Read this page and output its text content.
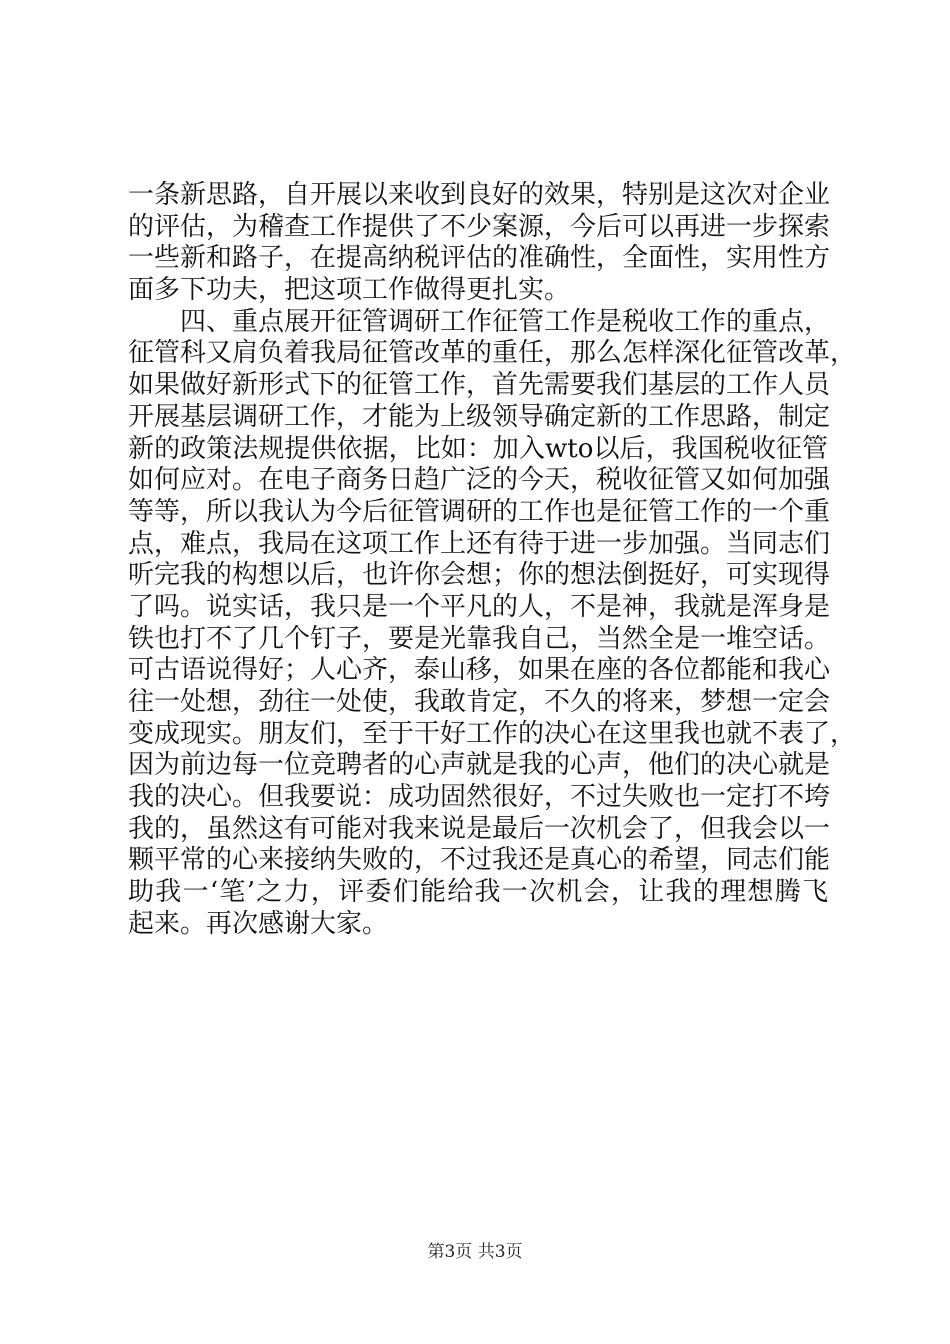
一条新思路，自开展以来收到良好的效果，特别是这次对企业
的评估，为稽查工作提供了不少案源，今后可以再进一步探索
一些新和路子，在提高纳税评估的准确性，全面性，实用性方
面多下功夫，把这项工作做得更扎实。
　　四、重点展开征管调研工作征管工作是税收工作的重点，
征管科又肩负着我局征管改革的重任，那么怎样深化征管改革，
如果做好新形式下的征管工作，首先需要我们基层的工作人员
开展基层调研工作，才能为上级领导确定新的工作思路，制定
新的政策法规提供依据，比如：加入wto以后，我国税收征管
如何应对。在电子商务日趋广泛的今天，税收征管又如何加强
等等，所以我认为今后征管调研的工作也是征管工作的一个重
点，难点，我局在这项工作上还有待于进一步加强。当同志们
听完我的构想以后，也许你会想；你的想法倒挺好，可实现得
了吗。说实话，我只是一个平凡的人，不是神，我就是浑身是
铁也打不了几个钉子，要是光靠我自己，当然全是一堆空话。
可古语说得好；人心齐，泰山移，如果在座的各位都能和我心
往一处想，劲往一处使，我敢肯定，不久的将来，梦想一定会
变成现实。朋友们，至于干好工作的决心在这里我也就不表了，
因为前边每一位竞聘者的心声就是我的心声，他们的决心就是
我的决心。但我要说：成功固然很好，不过失败也一定打不垮
我的，虽然这有可能对我来说是最后一次机会了，但我会以一
颗平常的心来接纳失败的，不过我还是真心的希望，同志们能
助我一‘笔’之力，评委们能给我一次机会，让我的理想腾飞
起来。再次感谢大家。
第3页 共3页
